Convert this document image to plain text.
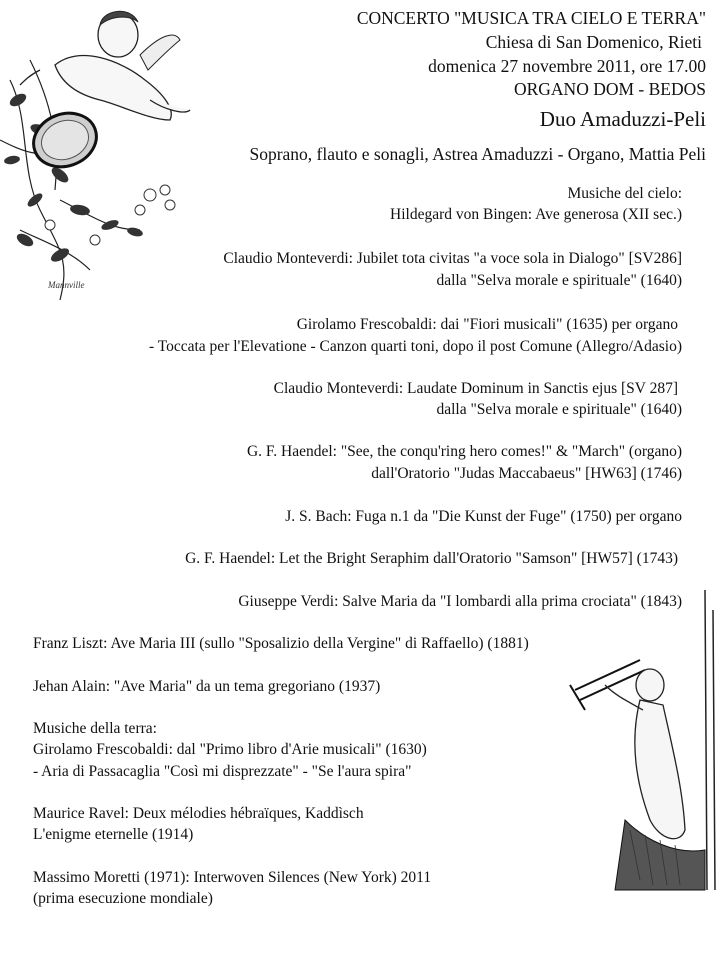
Mannville
CONCERTO "MUSICA TRA CIELO E TERRA"
Chiesa di San Domenico, Rieti
domenica 27 novembre 2011, ore 17.00
ORGANO DOM - BEDOS
Duo Amaduzzi-Peli
Soprano, flauto e sonagli, Astrea Amaduzzi - Organo, Mattia Peli
Musiche del cielo:
Hildegard von Bingen: Ave generosa (XII sec.)
Claudio Monteverdi: Jubilet tota civitas "a voce sola in Dialogo" [SV286]
dalla "Selva morale e spirituale" (1640)
Girolamo Frescobaldi: dai "Fiori musicali" (1635) per organo
- Toccata per l'Elevatione - Canzon quarti toni, dopo il post Comune (Allegro/Adasio)
Claudio Monteverdi: Laudate Dominum in Sanctis ejus [SV 287]
dalla "Selva morale e spirituale" (1640)
G. F. Haendel: "See, the conqu'ring hero comes!" & "March" (organo)
dall'Oratorio "Judas Maccabaeus" [HW63] (1746)
J. S. Bach: Fuga n.1 da "Die Kunst der Fuge" (1750) per organo
G. F. Haendel: Let the Bright Seraphim dall'Oratorio "Samson" [HW57] (1743)
Giuseppe Verdi: Salve Maria da "I lombardi alla prima crociata" (1843)
Franz Liszt: Ave Maria III (sullo "Sposalizio della Vergine" di Raffaello) (1881)
Jehan Alain: "Ave Maria" da un tema gregoriano (1937)
Musiche della terra:
Girolamo Frescobaldi: dal "Primo libro d'Arie musicali" (1630)
- Aria di Passacaglia "Così mi disprezzate" - "Se l'aura spira"
Maurice Ravel: Deux mélodies hébraïques, Kaddìsch
L'enigme eternelle (1914)
Massimo Moretti (1971): Interwoven Silences (New York) 2011
(prima esecuzione mondiale)
